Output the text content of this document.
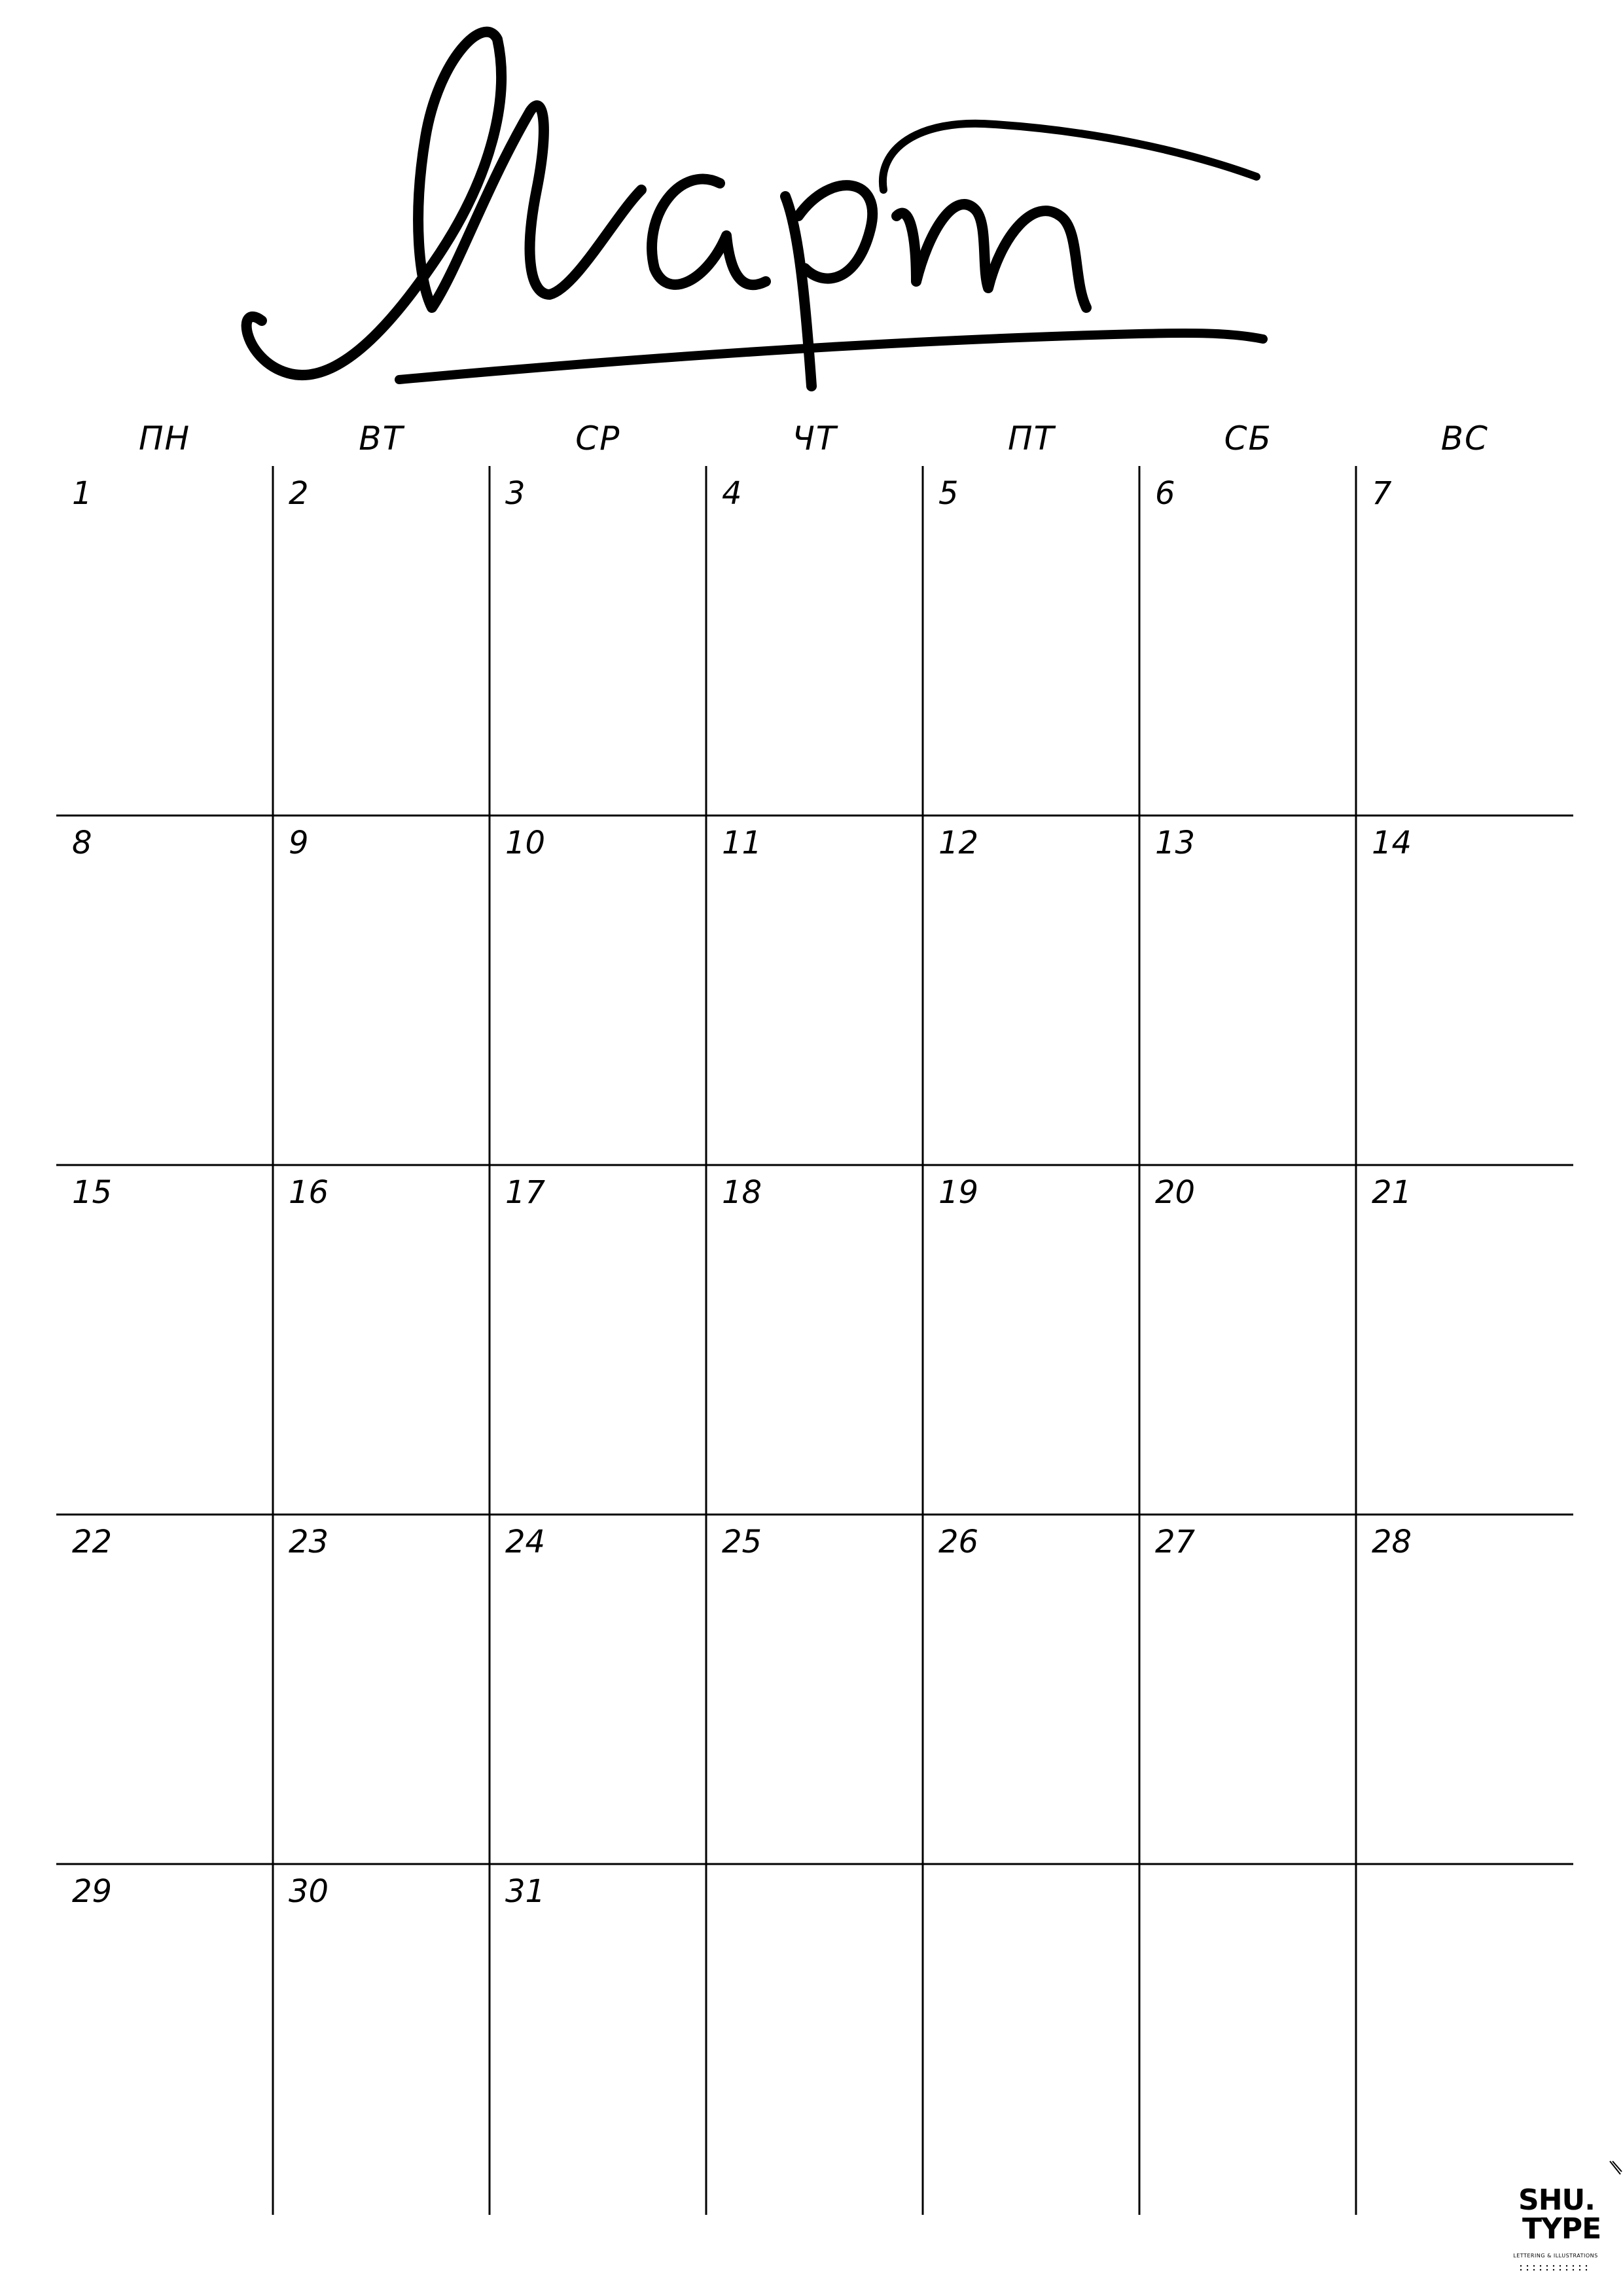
ПН	ВТ	СР	ЧТ	ПТ	СБ	ВС
1	2	3	4	5	6	7
8	9	10	11	12	13	14
15	16	17	18	19	20	21
22	23	24	25	26	27	28
29	30	31
SHU.
TYPE
LETTERING & ILLUSTRATIONS
